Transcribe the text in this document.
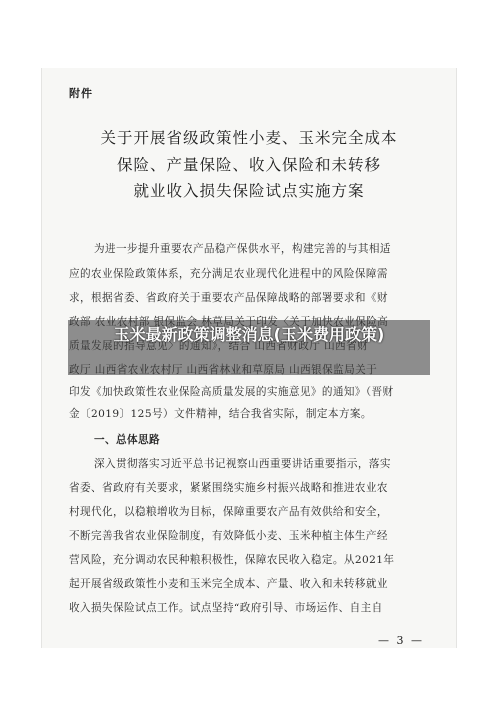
附件
关于开展省级政策性小麦、玉米完全成本
保险、产量保险、收入保险和未转移
就业收入损失保险试点实施方案
为进一步提升重要农产品稳产保供水平，构建完善的与其相适
应的农业保险政策体系，充分满足农业现代化进程中的风险保障需
求，根据省委、省政府关于重要农产品保障战略的部署要求和《财
印发《加快政策性农业保险高质量发展的实施意见》的通知》（晋财
金〔2019〕125号）文件精神，结合我省实际，制定本方案。
一、总体思路
深入贯彻落实习近平总书记视察山西重要讲话重要指示，落实
省委、省政府有关要求，紧紧围绕实施乡村振兴战略和推进农业农
村现代化，以稳粮增收为目标，保障重要农产品有效供给和安全，
不断完善我省农业保险制度，有效降低小麦、玉米种植主体生产经
营风险，充分调动农民种粮积极性，保障农民收入稳定。从2021年
起开展省级政策性小麦和玉米完全成本、产量、收入和未转移就业
收入损失保险试点工作。试点坚持“政府引导、市场运作、自主自
— 3 —
玉米最新政策调整消息(玉米费用政策)
